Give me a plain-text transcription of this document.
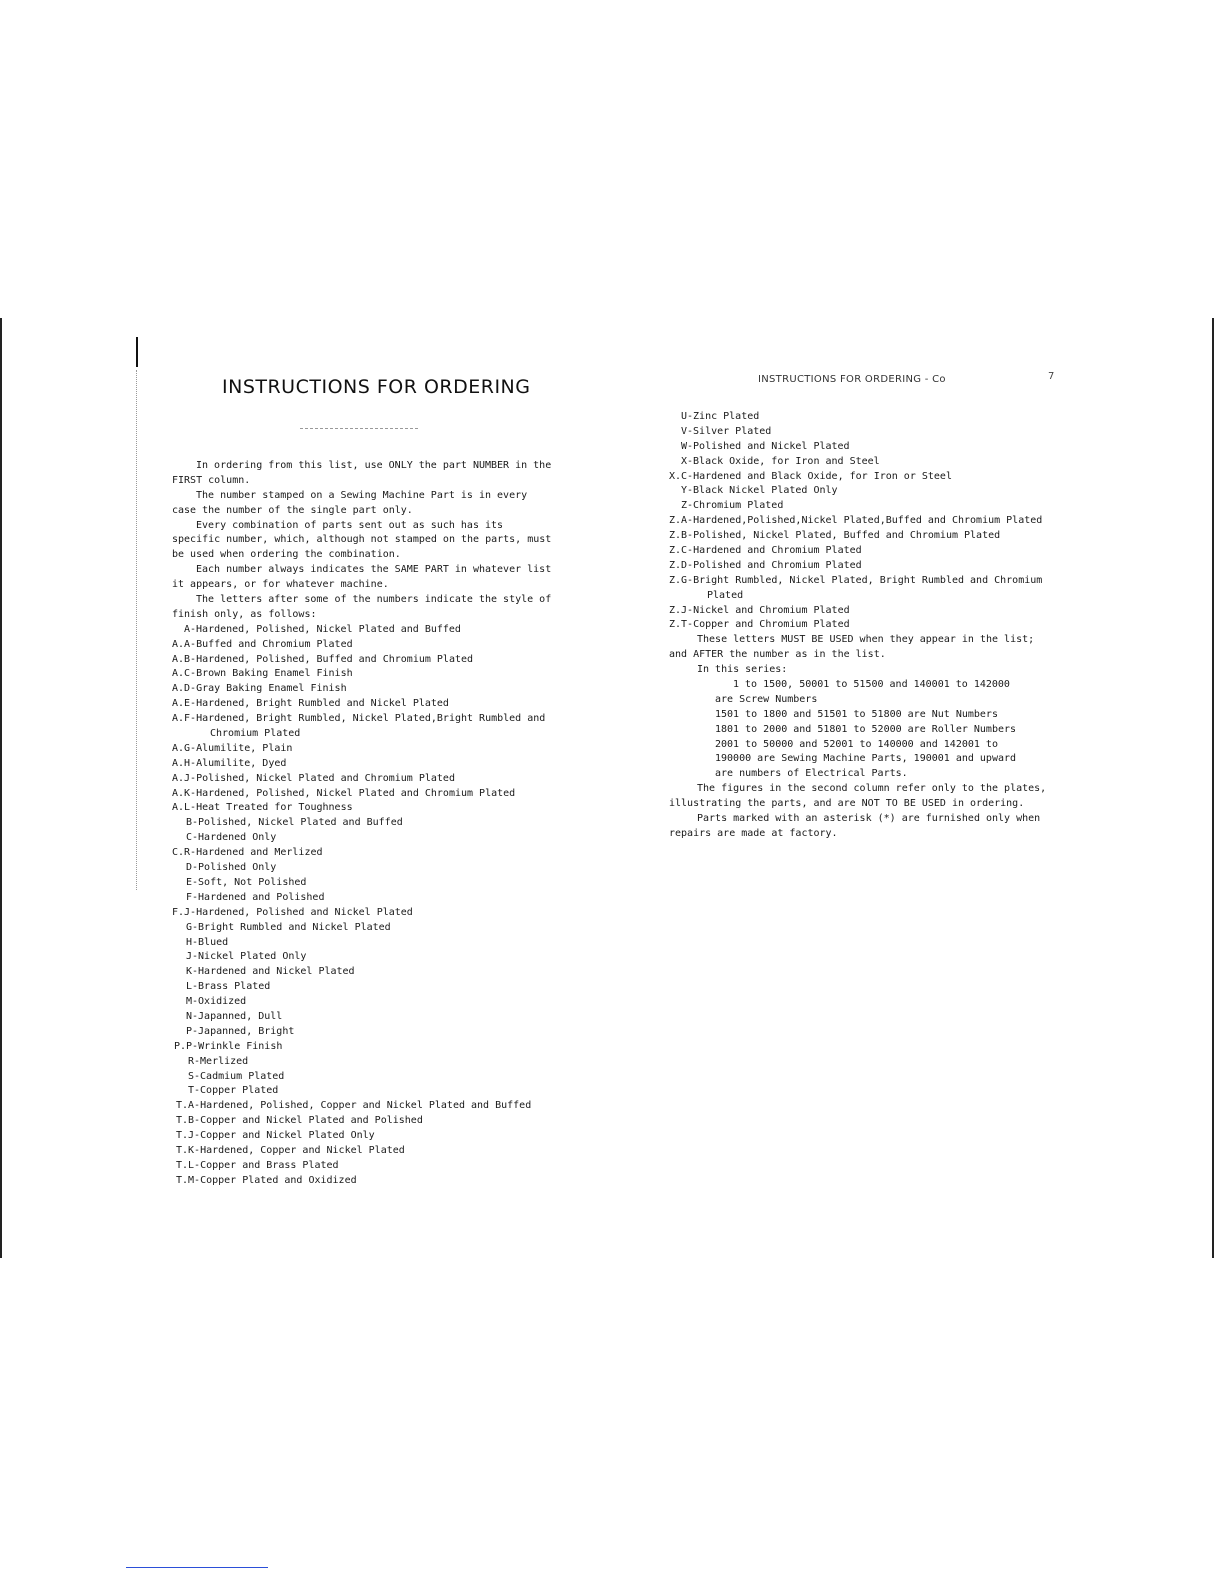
INSTRUCTIONS FOR ORDERING
In ordering from this list, use ONLY the part NUMBER in the
FIRST column.
The number stamped on a Sewing Machine Part is in every
case the number of the single part only.
Every combination of parts sent out as such has its
specific number, which, although not stamped on the parts, must
be used when ordering the combination.
Each number always indicates the SAME PART in whatever list
it appears, or for whatever machine.
The letters after some of the numbers indicate the style of
finish only, as follows:
A-Hardened, Polished, Nickel Plated and Buffed
A.A-Buffed and Chromium Plated
A.B-Hardened, Polished, Buffed and Chromium Plated
A.C-Brown Baking Enamel Finish
A.D-Gray Baking Enamel Finish
A.E-Hardened, Bright Rumbled and Nickel Plated
A.F-Hardened, Bright Rumbled, Nickel Plated,Bright Rumbled and
Chromium Plated
A.G-Alumilite, Plain
A.H-Alumilite, Dyed
A.J-Polished, Nickel Plated and Chromium Plated
A.K-Hardened, Polished, Nickel Plated and Chromium Plated
A.L-Heat Treated for Toughness
B-Polished, Nickel Plated and Buffed
C-Hardened Only
C.R-Hardened and Merlized
D-Polished Only
E-Soft, Not Polished
F-Hardened and Polished
F.J-Hardened, Polished and Nickel Plated
G-Bright Rumbled and Nickel Plated
H-Blued
J-Nickel Plated Only
K-Hardened and Nickel Plated
L-Brass Plated
M-Oxidized
N-Japanned, Dull
P-Japanned, Bright
P.P-Wrinkle Finish
R-Merlized
S-Cadmium Plated
T-Copper Plated
T.A-Hardened, Polished, Copper and Nickel Plated and Buffed
T.B-Copper and Nickel Plated and Polished
T.J-Copper and Nickel Plated Only
T.K-Hardened, Copper and Nickel Plated
T.L-Copper and Brass Plated
T.M-Copper Plated and Oxidized
INSTRUCTIONS FOR ORDERING - Co	7
U-Zinc Plated
V-Silver Plated
W-Polished and Nickel Plated
X-Black Oxide, for Iron and Steel
X.C-Hardened and Black Oxide, for Iron or Steel
Y-Black Nickel Plated Only
Z-Chromium Plated
Z.A-Hardened,Polished,Nickel Plated,Buffed and Chromium Plated
Z.B-Polished, Nickel Plated, Buffed and Chromium Plated
Z.C-Hardened and Chromium Plated
Z.D-Polished and Chromium Plated
Z.G-Bright Rumbled, Nickel Plated, Bright Rumbled and Chromium
Plated
Z.J-Nickel and Chromium Plated
Z.T-Copper and Chromium Plated
These letters MUST BE USED when they appear in the list;
and AFTER the number as in the list.
In this series:
1 to 1500, 50001 to 51500 and 140001 to 142000
are Screw Numbers
1501 to 1800 and 51501 to 51800 are Nut Numbers
1801 to 2000 and 51801 to 52000 are Roller Numbers
2001 to 50000 and 52001 to 140000 and 142001 to
190000 are Sewing Machine Parts, 190001 and upward
are numbers of Electrical Parts.
The figures in the second column refer only to the plates,
illustrating the parts, and are NOT TO BE USED in ordering.
Parts marked with an asterisk (*) are furnished only when
repairs are made at factory.
